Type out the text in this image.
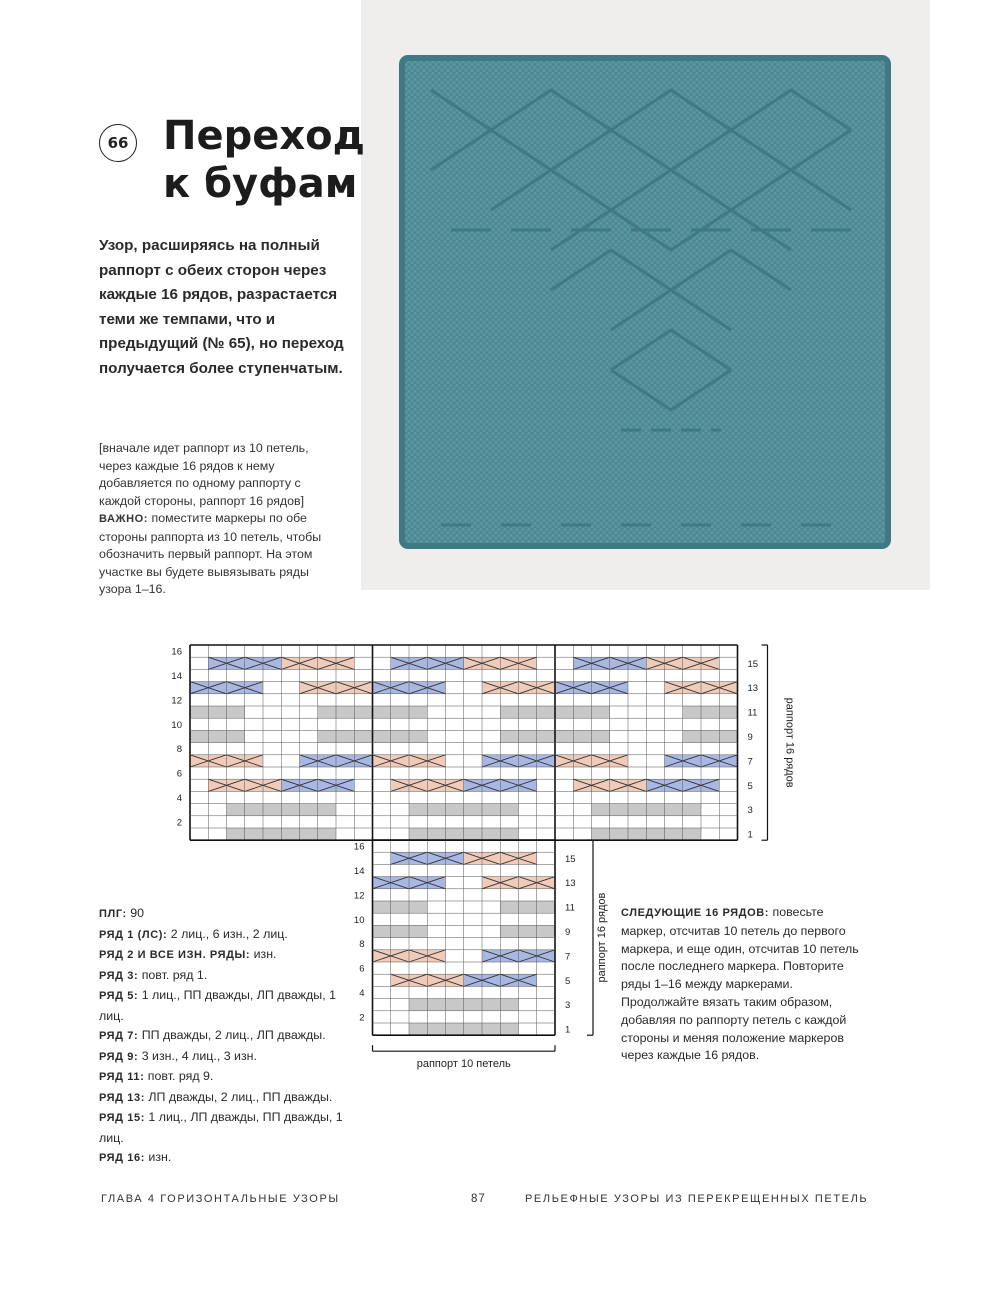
66 Переход
к буфам
Узор, расширяясь на полный раппорт с обеих сторон через каждые 16 рядов, разрастается теми же темпами, что и предыдущий (№ 65), но переход получается более ступенчатым.
[вначале идет раппорт из 10 петель, через каждые 16 рядов к нему добавляется по одному раппорту с каждой стороны, раппорт 16 рядов]
ВАЖНО: поместите маркеры по обе стороны раппорта из 10 петель, чтобы обозначить первый раппорт. На этом участке вы будете вывязывать ряды узора 1–16.
1
2
3
4
5
6
7
8
9
10
11
12
13
14
15
16
раппорт 16 рядов
1
2
3
4
5
6
7
8
9
10
11
12
13
14
15
16
раппорт 16 рядов
раппорт 10 петель

ПЛГ: 90

РЯД 1 (ЛС): 2 лиц., 6 изн., 2 лиц.

РЯД 2 И ВСЕ ИЗН. РЯДЫ: изн.

РЯД 3: повт. ряд 1.

РЯД 5: 1 лиц., ПП дважды, ЛП дважды, 1 лиц.

РЯД 7: ПП дважды, 2 лиц., ЛП дважды.

РЯД 9: 3 изн., 4 лиц., 3 изн.

РЯД 11: повт. ряд 9.

РЯД 13: ЛП дважды, 2 лиц., ПП дважды.

РЯД 15: 1 лиц., ЛП дважды, ПП дважды, 1 лиц.

РЯД 16: изн.

СЛЕДУЮЩИЕ 16 РЯДОВ: повесьте маркер, отсчитав 10 петель до первого маркера, и еще один, отсчитав 10 петель после последнего маркера. Повторите ряды 1–16 между маркерами. Продолжайте вязать таким образом, добавляя по раппорту петель с каждой стороны и меняя положение маркеров через каждые 16 рядов.
ГЛАВА 4 ГОРИЗОНТАЛЬНЫЕ УЗОРЫ	87	РЕЛЬЕФНЫЕ УЗОРЫ ИЗ ПЕРЕКРЕЩЕННЫХ ПЕТЕЛЬ
